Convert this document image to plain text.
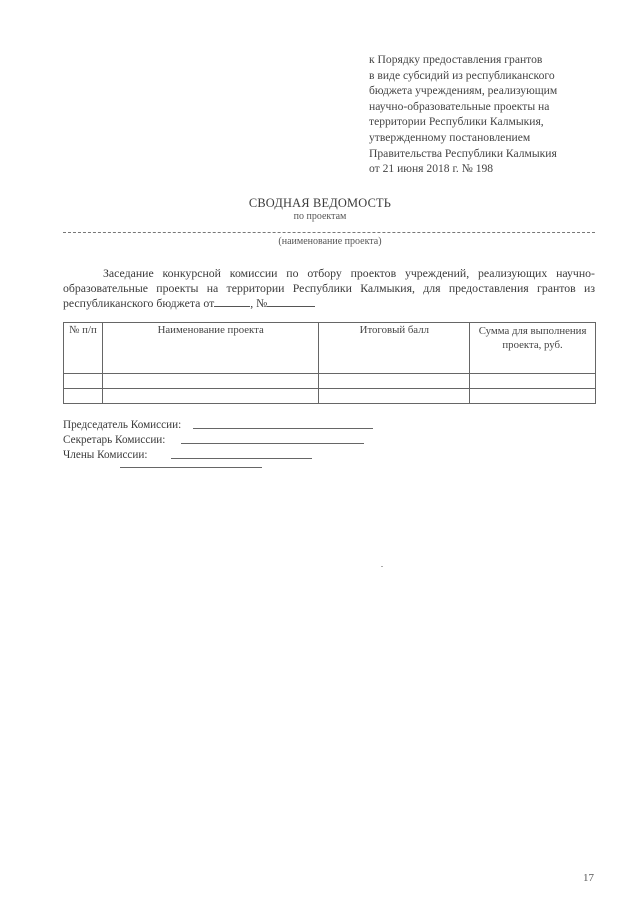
к Порядку предоставления грантов
в виде субсидий из республиканского
бюджета учреждениям, реализующим
научно-образовательные проекты на
территории Республики Калмыкия,
утвержденному постановлением
Правительства Республики Калмыкия
от 21 июня 2018 г. № 198
СВОДНАЯ ВЕДОМОСТЬ
по проектам
(наименование проекта)
Заседание конкурсной комиссии по отбору проектов учреждений, реализующих научно-образовательные проекты на территории Республики Калмыкия, для предоставления грантов из республиканского бюджета от	, №
№ п/п	Наименование проекта	Итоговый балл	Сумма для выполнения проекта, руб.

Председатель Комиссии:
Секретарь Комиссии:
Члены Комиссии:
17
